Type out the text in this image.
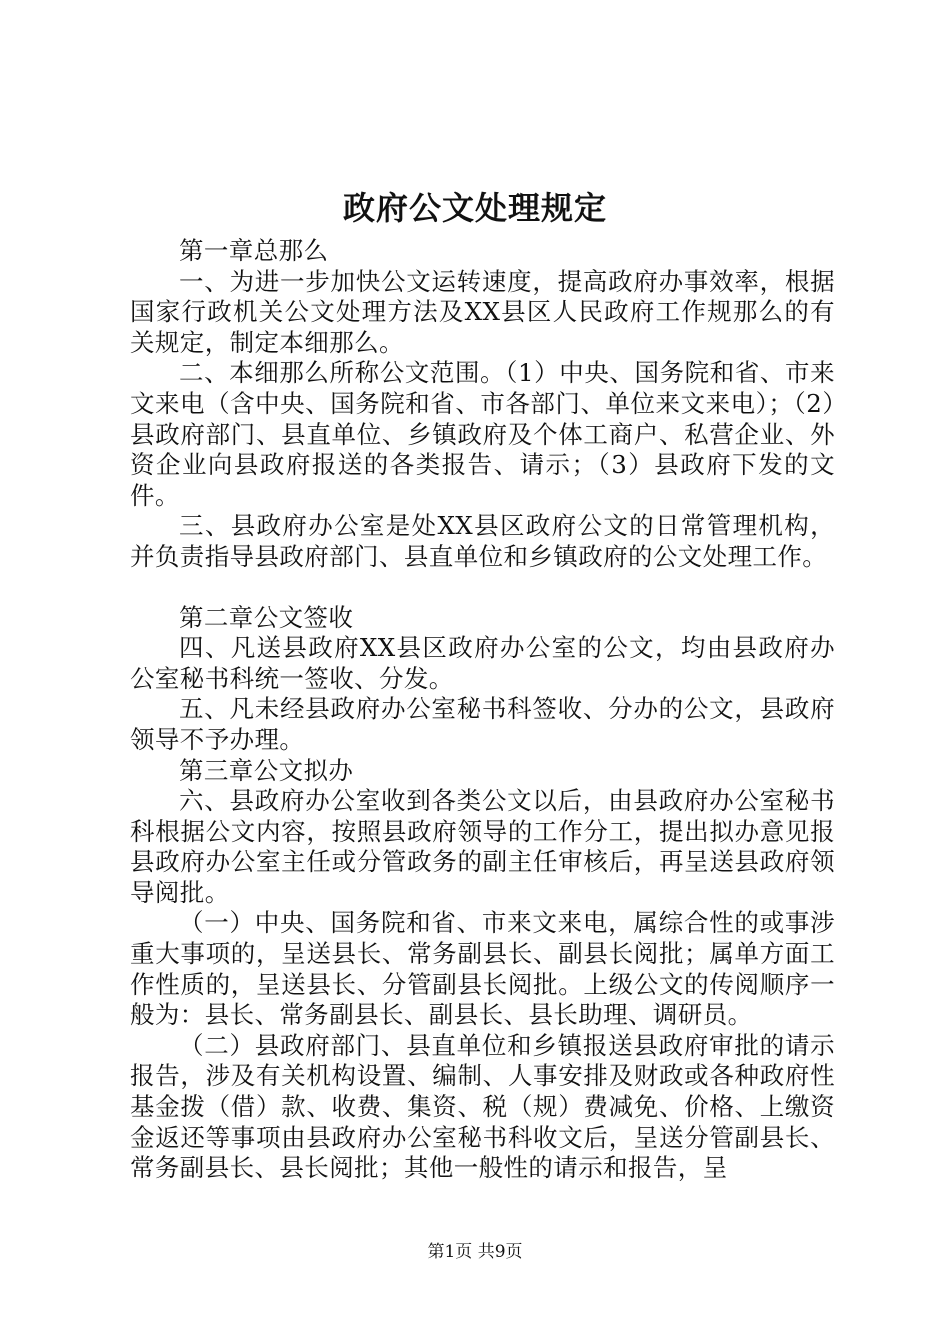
政府公文处理规定

第一章总那么

一、为进一步加快公文运转速度，提高政府办事效率，根据国家行政机关公文处理方法及XX县区人民政府工作规那么的有关规定，制定本细那么。

二、本细那么所称公文范围。（1）中央、国务院和省、市来文来电（含中央、国务院和省、市各部门、单位来文来电）；（2）县政府部门、县直单位、乡镇政府及个体工商户、私营企业、外资企业向县政府报送的各类报告、请示；（3）县政府下发的文件。

三、县政府办公室是处XX县区政府公文的日常管理机构，并负责指导县政府部门、县直单位和乡镇政府的公文处理工作。

第二章公文签收

四、凡送县政府XX县区政府办公室的公文，均由县政府办公室秘书科统一签收、分发。

五、凡未经县政府办公室秘书科签收、分办的公文，县政府领导不予办理。

第三章公文拟办

六、县政府办公室收到各类公文以后，由县政府办公室秘书科根据公文内容，按照县政府领导的工作分工，提出拟办意见报县政府办公室主任或分管政务的副主任审核后，再呈送县政府领导阅批。

（一）中央、国务院和省、市来文来电，属综合性的或事涉重大事项的，呈送县长、常务副县长、副县长阅批；属单方面工作性质的，呈送县长、分管副县长阅批。上级公文的传阅顺序一般为：县长、常务副县长、副县长、县长助理、调研员。

（二）县政府部门、县直单位和乡镇报送县政府审批的请示报告，涉及有关机构设置、编制、人事安排及财政或各种政府性基金拨（借）款、收费、集资、税（规）费减免、价格、上缴资金返还等事项由县政府办公室秘书科收文后，呈送分管副县长、常务副县长、县长阅批；其他一般性的请示和报告，呈

第1页 共9页
